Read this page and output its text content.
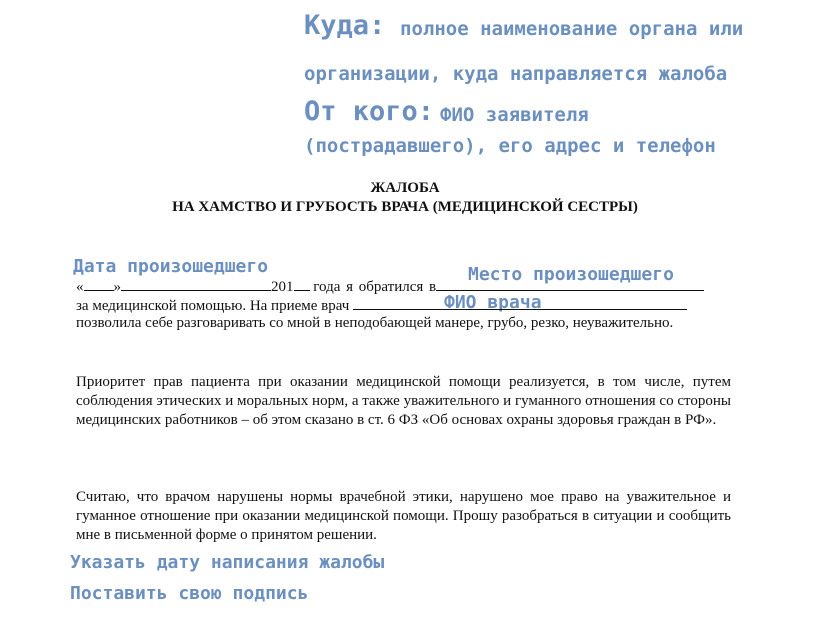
Куда: полное наименование органа или
организации, куда направляется жалоба
От кого: ФИО заявителя
(пострадавшего), его адрес и телефон
ЖАЛОБА
НА ХАМСТВО И ГРУБОСТЬ ВРАЧА (МЕДИЦИНСКОЙ СЕСТРЫ)
Дата произошедшего	Место произошедшего
ФИО врача
« »	201 года я обратился в
за медицинской помощью. На приеме врач
позволила себе разговаривать со мной в неподобающей манере, грубо, резко, неуважительно.
Приоритет прав пациента при оказании медицинской помощи реализуется, в том числе, путем соблюдения этических и моральных норм, а также уважительного и гуманного отношения со стороны медицинских работников – об этом сказано в ст. 6 ФЗ «Об основах охраны здоровья граждан в РФ».
Считаю, что врачом нарушены нормы врачебной этики, нарушено мое право на уважительное и гуманное отношение при оказании медицинской помощи. Прошу разобраться в ситуации и сообщить мне в письменной форме о принятом решении.
Указать дату написания жалобы
Поставить свою подпись
